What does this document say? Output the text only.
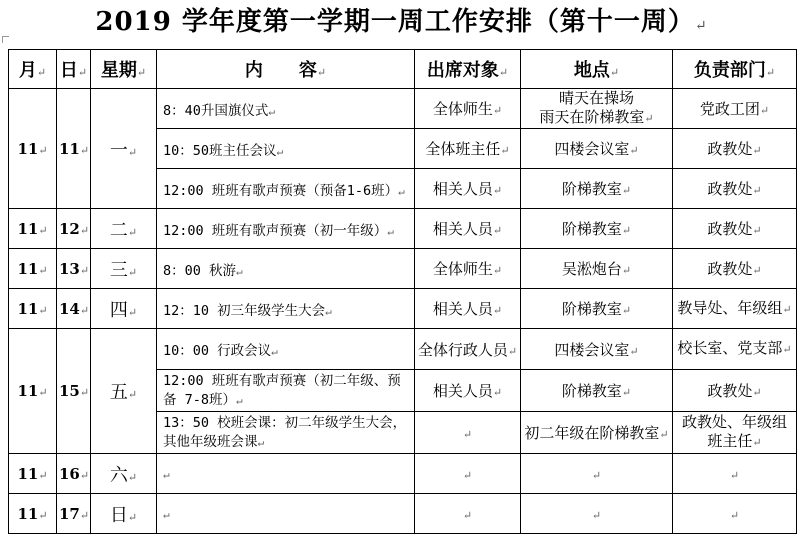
2019 学年度第一学期一周工作安排（第十一周）↵
月↵	日↵	星期↵	内　　容↵	出席对象↵	地点↵	负责部门↵
11↵	11↵	一↵	8：40升国旗仪式↵	全体师生↵	晴天在操场
雨天在阶梯教室↵	党政工团↵
			10：50班主任会议↵	全体班主任↵	四楼会议室↵	政教处↵
			12:00 班班有歌声预赛（预备1-6班）↵	相关人员↵	阶梯教室↵	政教处↵
11↵	12↵	二↵	12:00 班班有歌声预赛（初一年级）↵	相关人员↵	阶梯教室↵	政教处↵
11↵	13↵	三↵	8：00 秋游↵	全体师生↵	吴淞炮台↵	政教处↵
11↵	14↵	四↵	12：10 初三年级学生大会↵	相关人员↵	阶梯教室↵	教导处、年级组↵
11↵	15↵	五↵	10：00 行政会议↵	全体行政人员↵	四楼会议室↵	校长室、党支部↵
			12:00 班班有歌声预赛（初二年级、预备 7-8班）↵	相关人员↵	阶梯教室↵	政教处↵
			13：50 校班会课：初二年级学生大会，其他年级班会课↵	↵	初二年级在阶梯教室↵	政教处、年级组班主任↵
11↵	16↵	六↵	↵	↵	↵	↵
11↵	17↵	日↵	↵	↵	↵	↵
